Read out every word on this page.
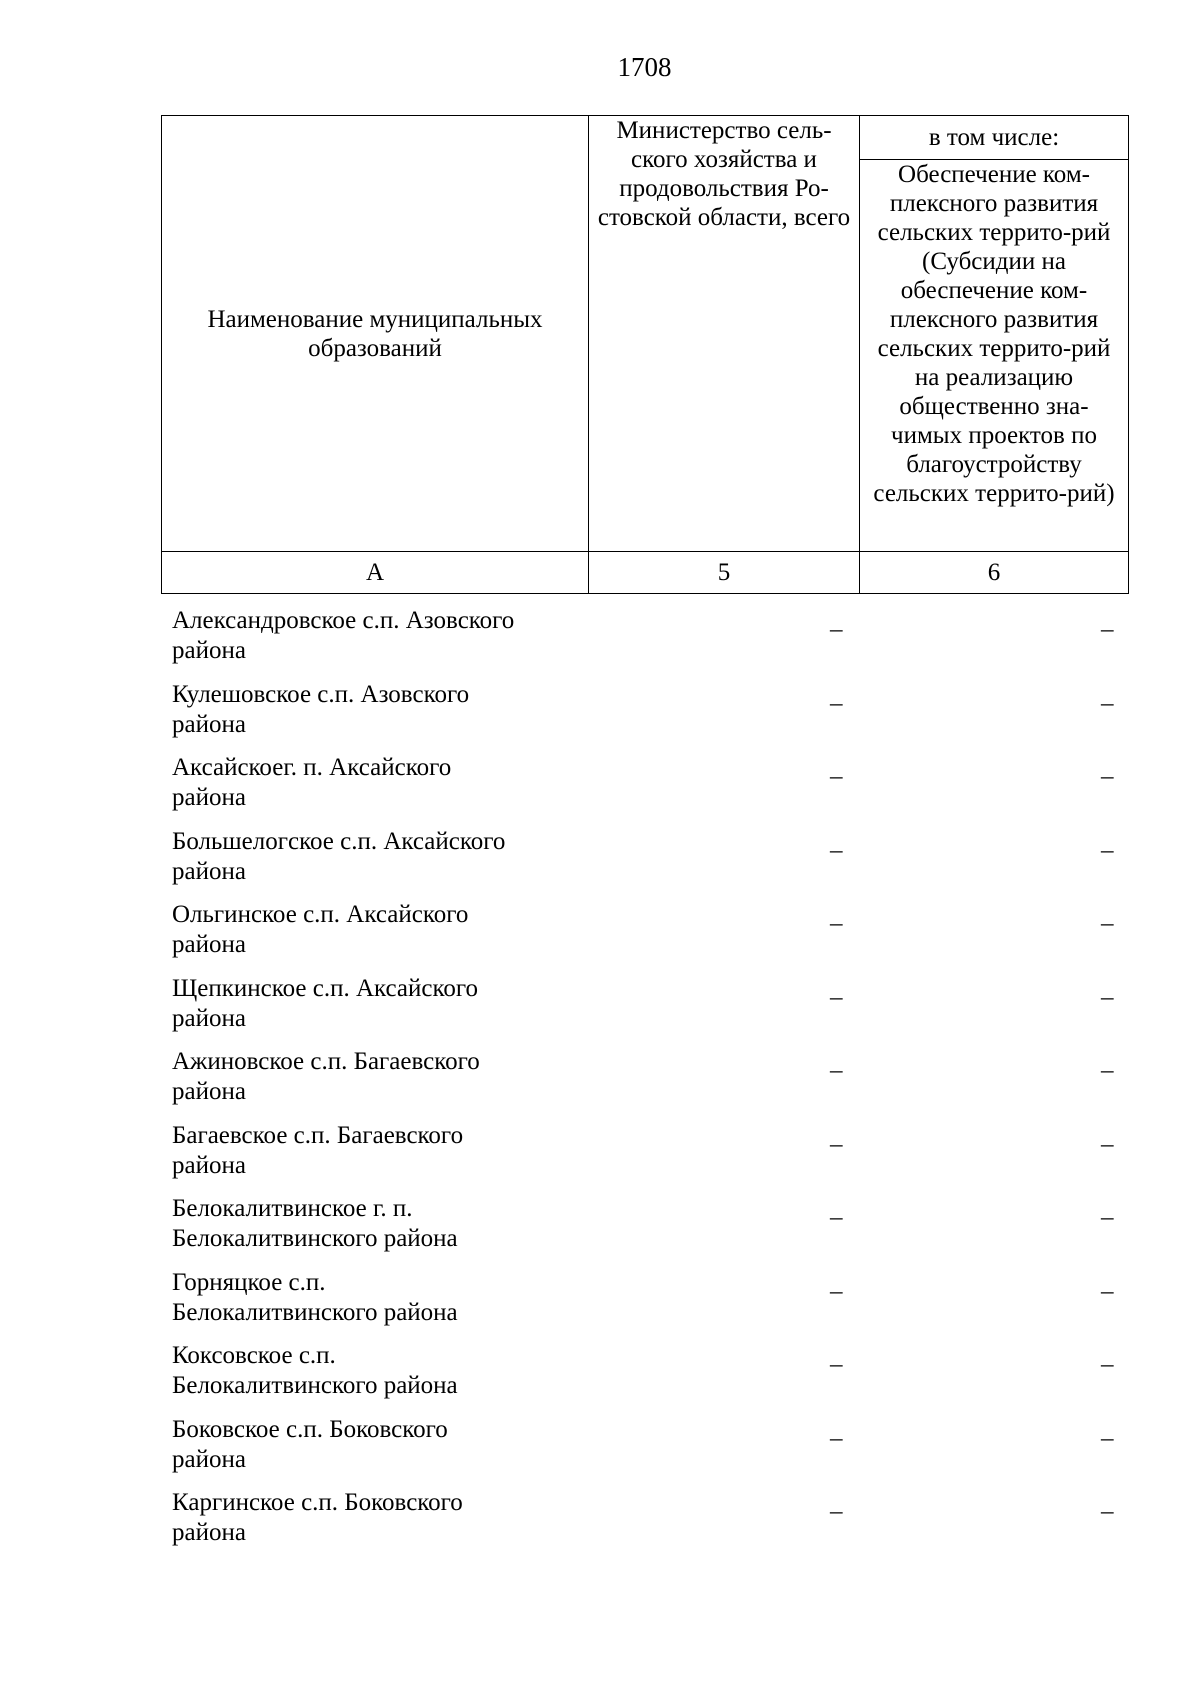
1708
Наименование муниципальных образований	Министерство сель-ского хозяйства и продовольствия Ро-стовской области, всего	в том числе:
		Обеспечение ком-плексного развития сельских террито-рий (Субсидии на обеспечение ком-плексного развития сельских террито-рий на реализацию общественно зна-чимых проектов по благоустройству сельских террито-рий)
А	5	6
Александровское с.п. Азовского
района
–	–
Кулешовское с.п. Азовского
района
–	–
Аксайскоег. п. Аксайского
района
–	–
Большелогское с.п. Аксайского
района
–	–
Ольгинское с.п. Аксайского
района
–	–
Щепкинское с.п. Аксайского
района
–	–
Ажиновское с.п. Багаевского
района
–	–
Багаевское с.п. Багаевского
района
–	–
Белокалитвинское г. п.
Белокалитвинского района
–	–
Горняцкое с.п.
Белокалитвинского района
–	–
Коксовское с.п.
Белокалитвинского района
–	–
Боковское с.п. Боковского
района
–	–
Каргинское с.п. Боковского
района
–	–
